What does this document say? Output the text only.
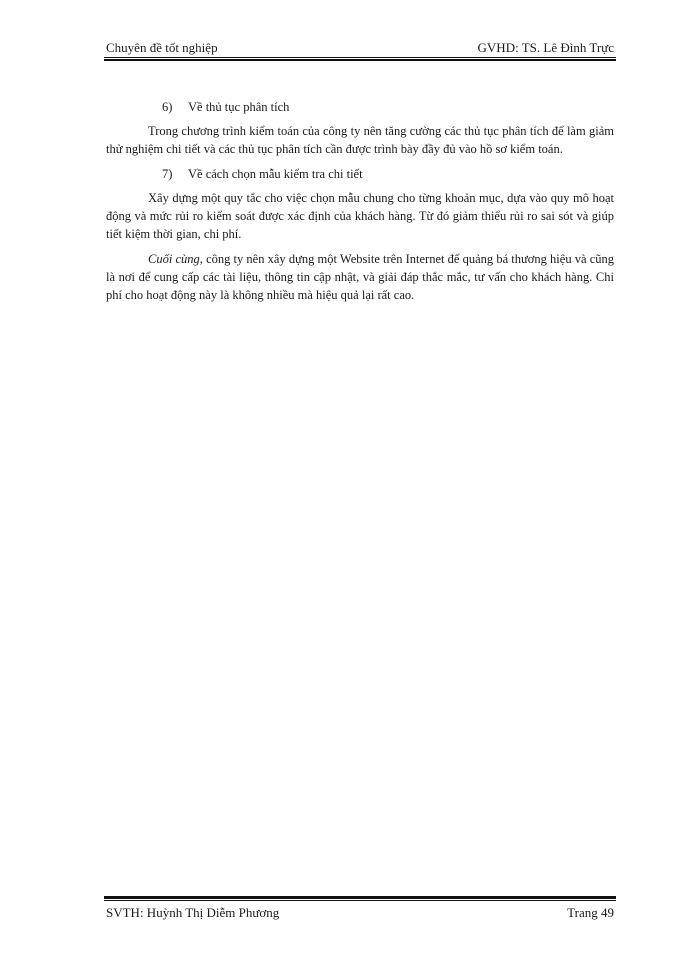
Chuyên đề tốt nghiệp	GVHD: TS. Lê Đình Trực
6)	Về thủ tục phân tích

Trong chương trình kiểm toán của công ty nên tăng cường các thủ tục phân tích để làm giảm thử nghiệm chi tiết và các thủ tục phân tích cần được trình bày đầy đủ vào hồ sơ kiểm toán.

7)	Về cách chọn mẫu kiểm tra chi tiết

Xây dựng một quy tắc cho việc chọn mẫu chung cho từng khoản mục, dựa vào quy mô hoạt động và mức rủi ro kiểm soát được xác định của khách hàng. Từ đó giảm thiểu rủi ro sai sót và giúp tiết kiệm thời gian, chi phí.

Cuối cùng, công ty nên xây dựng một Website trên Internet để quảng bá thương hiệu và cũng là nơi để cung cấp các tài liệu, thông tin cập nhật, và giải đáp thắc mắc, tư vấn cho khách hàng. Chi phí cho hoạt động này là không nhiều mà hiệu quả lại rất cao.

SVTH: Huỳnh Thị Diễm Phương	Trang 49
